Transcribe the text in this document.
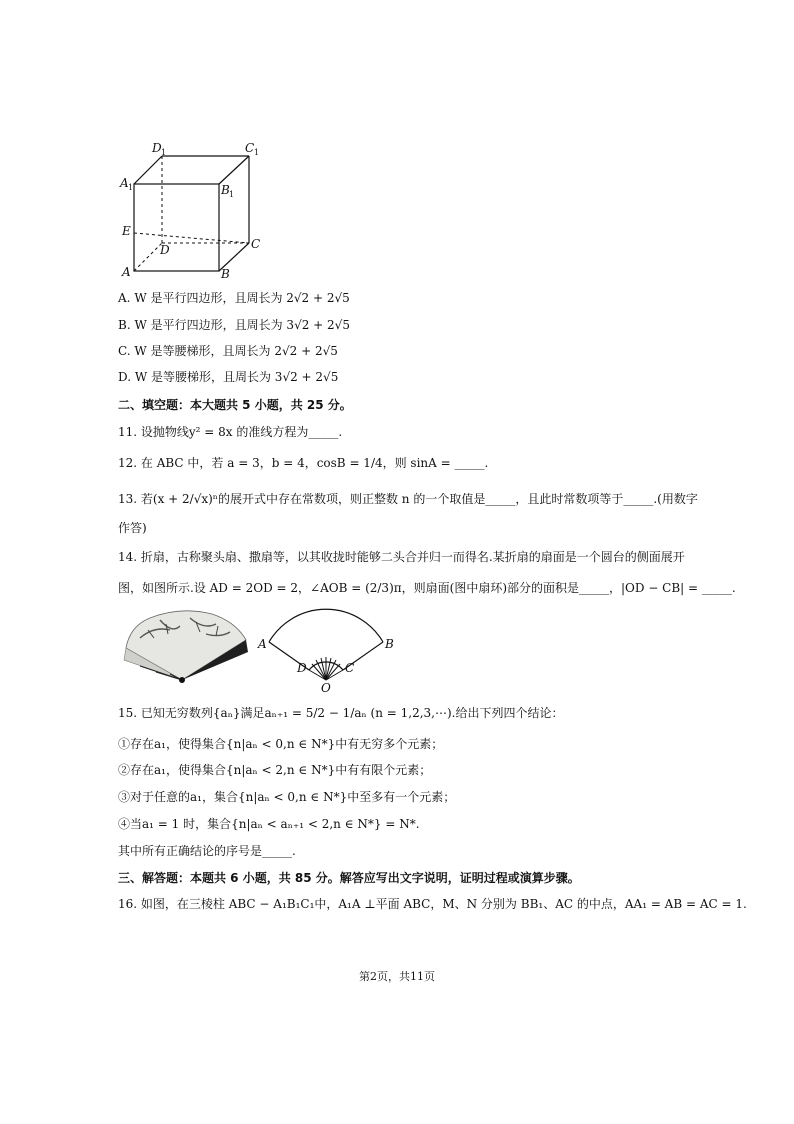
D 1	C 1
A 1	B 1
E
D	C
A	B
A. W 是平行四边形，且周长为 2√2 + 2√5
B. W 是平行四边形，且周长为 3√2 + 2√5
C. W 是等腰梯形，且周长为 2√2 + 2√5
D. W 是等腰梯形，且周长为 3√2 + 2√5
二、填空题：本大题共 5 小题，共 25 分。
11. 设抛物线y² = 8x 的准线方程为_____.
12. 在 ABC 中，若 a = 3，b = 4，cosB = 1/4，则 sinA = _____.
13. 若(x + 2/√x)ⁿ的展开式中存在常数项，则正整数 n 的一个取值是_____，且此时常数项等于_____.(用数字
作答)
14. 折扇，古称聚头扇、撒扇等，以其收拢时能够二头合并归一而得名.某折扇的扇面是一个圆台的侧面展开
图，如图所示.设 AD = 2OD = 2，∠AOB = (2/3)π，则扇面(图中扇环)部分的面积是_____，|OD − CB| = _____.
A	B
D	C
O
15. 已知无穷数列{aₙ}满足aₙ₊₁ = 5/2 − 1/aₙ (n = 1,2,3,⋯).给出下列四个结论：
①存在a₁，使得集合{n|aₙ < 0,n ∈ N*}中有无穷多个元素；
②存在a₁，使得集合{n|aₙ < 2,n ∈ N*}中有有限个元素；
③对于任意的a₁，集合{n|aₙ < 0,n ∈ N*}中至多有一个元素；
④当a₁ = 1 时，集合{n|aₙ < aₙ₊₁ < 2,n ∈ N*} = N*.
其中所有正确结论的序号是_____.
三、解答题：本题共 6 小题，共 85 分。解答应写出文字说明，证明过程或演算步骤。
16. 如图，在三棱柱 ABC − A₁B₁C₁中，A₁A ⊥平面 ABC，M、N 分别为 BB₁、AC 的中点，AA₁ = AB = AC = 1.
第2页，共11页
